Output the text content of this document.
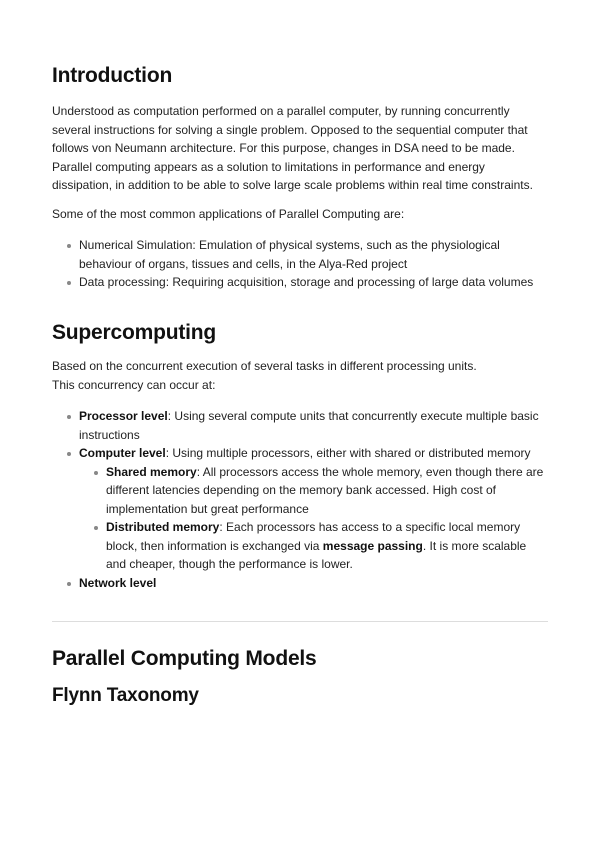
Introduction

Understood as computation performed on a parallel computer, by running concurrently
several instructions for solving a single problem. Opposed to the sequential computer that
follows von Neumann architecture. For this purpose, changes in DSA need to be made.
Parallel computing appears as a solution to limitations in performance and energy
dissipation, in addition to be able to solve large scale problems within real time constraints.

Some of the most common applications of Parallel Computing are:

Numerical Simulation: Emulation of physical systems, such as the physiological
behaviour of organs, tissues and cells, in the Alya-Red project
Data processing: Requiring acquisition, storage and processing of large data volumes
Supercomputing

Based on the concurrent execution of several tasks in different processing units.
This concurrency can occur at:

Processor level: Using several compute units that concurrently execute multiple basic
instructions
Computer level: Using multiple processors, either with shared or distributed memory
Shared memory: All processors access the whole memory, even though there are
different latencies depending on the memory bank accessed. High cost of
implementation but great performance
Distributed memory: Each processors has access to a specific local memory
block, then information is exchanged via message passing. It is more scalable
and cheaper, though the performance is lower.
Network level
Parallel Computing Models
Flynn Taxonomy
